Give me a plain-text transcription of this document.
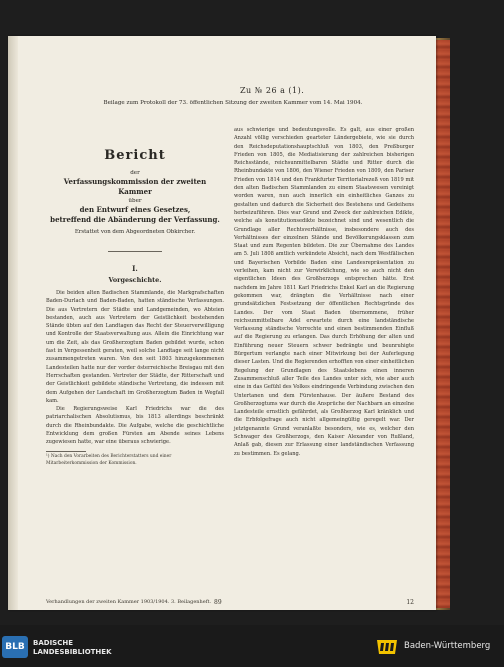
Zu № 26 a (1).
Beilage zum Protokoll der 73. öffentlichen Sitzung der zweiten Kammer vom 14. Mai 1904.
Bericht
der
Verfassungskommission der zweiten Kammer
über
den Entwurf eines Gesetzes,
betreffend die Abänderung der Verfassung.
Erstattet von dem Abgeordneten Obkircher.
I.
Vorgeschichte.

Die beiden alten Badischen Stammlande, die Markgrafschaften Baden-Durlach und Baden-Baden, hatten ständische Verfassungen. Die aus Vertretern der Städte und Landgemeinden, wo Abteien bestanden, auch aus Vertretern der Geistlichkeit bestehenden Stände übten auf den Landtagen das Recht der Steuerverwilligung und Kontrolle der Staatsverwaltung aus. Allein die Einrichtung war um die Zeit, als das Großherzogtum Baden gebildet wurde, schon fast in Vergessenheit geraten, weil solche Landtage seit lange nicht zusammengetreten waren. Von den seit 1803 hinzugekommenen Landesteilen hatte nur der vorder österreichische Breisgau mit den Herrschaften gestanden. Vertreter der Städte, der Ritterschaft und der Geistlichkeit gebildete ständische Vertretung, die indessen mit dem Aufgehen der Landschaft im Großherzogtum Baden in Wegfall kam.

Die Regierungsweise Karl Friedrichs war die des patriarchalischen Absolutismus, bis 1813 allerdings beschränkt durch die Rheinbundakte. Die Aufgabe, welche die geschichtliche Entwicklung dem großen Fürsten am Abende seines Lebens zugewiesen hatte, war eine überaus schwierige.

¹) Nach den Vorarbeiten des Berichterstatters und einer Mitarbeiterkommission der Kommission.

aus schwierige und bedeutungsvolle. Es galt, aus einer großen Anzahl völlig verschieden gearteter Ländergebiete, wie sie durch den Reichsdeputationshauptschluß von 1803, den Preßburger Frieden von 1805, die Mediatisierung der zahlreichen bisherigen Reichsstände, reichsunmittelbaren Städte und Ritter durch die Rheinbundakte von 1806, den Wiener Frieden von 1809, den Pariser Frieden von 1814 und den Frankfurter Territorialrezeß von 1819 mit den alten Badischen Stammlanden zu einem Staatswesen vereinigt worden waren, nun auch innerlich ein einheitliches Ganzes zu gestalten und dadurch die Sicherheit des Bestehens und Gedeihens herbeizuführen. Dies war Grund und Zweck der zahlreichen Edikte, welche als konstitutionsedikte bezeichnet sind und wesentlich die Grundlage aller Rechtsverhältnisse, insbesondere auch des Verhältnisses der einzelnen Stände und Bevölkerungsklassen zum Staat und zum Regenten bildeten. Die zur Übernahme des Landes am 5. Juli 1808 amtlich verkündete Absicht, nach dem Westfälischen und Bayerischen Vorbilde Baden eine Landesrepräsentation zu verleihen, kam nicht zur Verwirklichung, wie so auch nicht den eigentlichen Ideen des Großherzogs entsprechen hätte. Erst nachdem im Jahre 1811 Karl Friedrichs Enkel Karl an die Regierung gekommen war, drängten die Verhältnisse nach einer grundsätzlichen Festsetzung der öffentlichen Rechtsgründe des Landes. Der vom Staat Baden übernommene, früher reichsunmittelbare Adel erwartete durch eine landständische Verfassung ständische Vorrechte und einen bestimmenden Einfluß auf die Regierung zu erlangen. Das durch Erhöhung der alten und Einführung neuer Steuern schwer bedrängte und beunruhigte Bürgertum verlangte nach einer Mitwirkung bei der Auferlegung dieser Lasten. Und die Regierenden erhofften von einer einheitlichen Regelung der Grundlagen des Staatslebens einen inneren Zusammenschluß aller Teile des Landes unter sich, wie aber auch eine in das Gefühl des Volkes eindringende Verbindung zwischen den Untertanen und dem Fürstenhause. Der äußere Bestand des Großherzogtums war durch die Ansprüche der Nachbarn an einzelne Landesteile ernstlich gefährdet, als Großherzog Karl kränklich und die Erbfolgefrage auch nicht allgemeingültig geregelt war. Der jetztgenannte Grund veranlaßte besonders, wie es, welcher den Schwager des Großherzogs, den Kaiser Alexander von Rußland, Anlaß gab, diesen zur Erlassung einer landständischen Verfassung zu bestimmen. Es gelang.

Verhandlungen der zweiten Kammer 1903/1904. 3. Beilagenheft. 89	12
BLB	BADISCHE
LANDESBIBLIOTHEK
Baden-Württemberg
